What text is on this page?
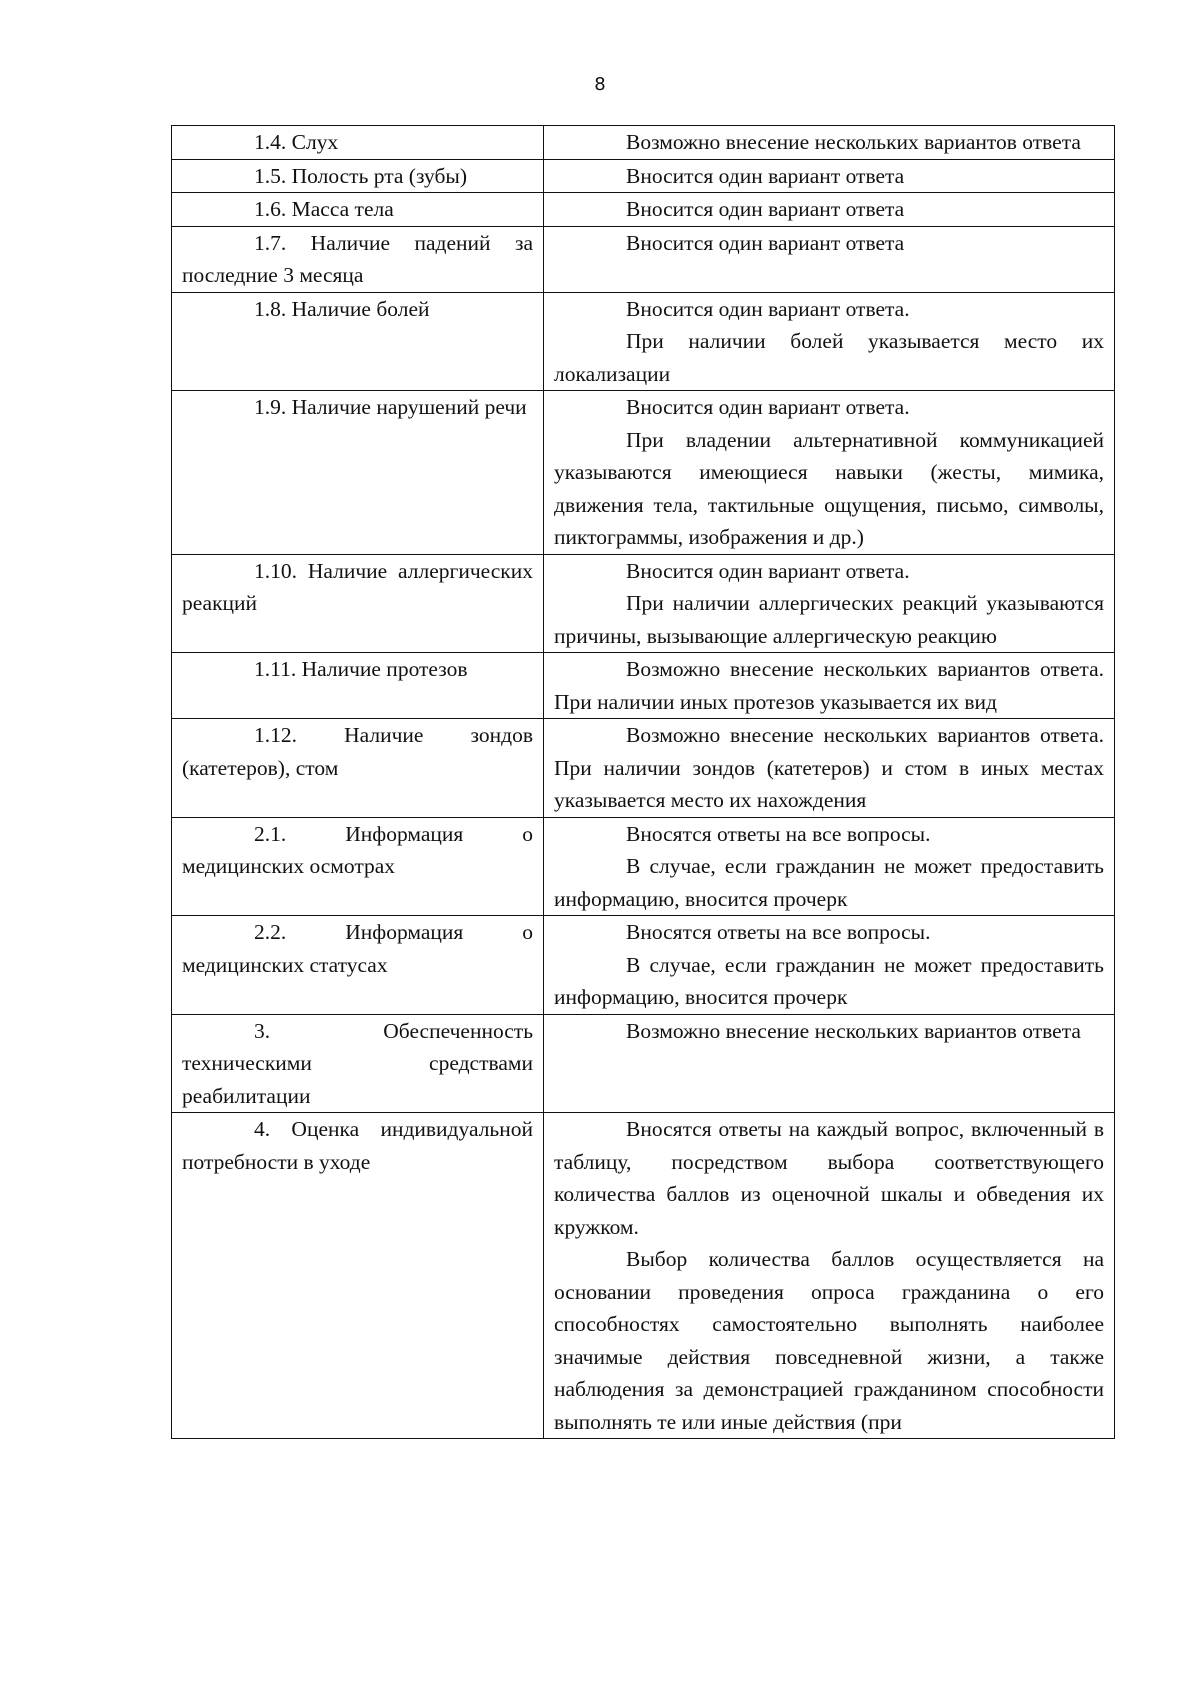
8

1.4. Слух	Возможно внесение нескольких вариантов ответа

1.5. Полость рта (зубы)	Вносится один вариант ответа

1.6. Масса тела	Вносится один вариант ответа

1.7. Наличие падений за последние 3 месяца	Вносится один вариант ответа

1.8. Наличие болей	Вносится один вариант ответа.

При наличии болей указывается место их локализации

1.9. Наличие нарушений речи	Вносится один вариант ответа.

При владении альтернативной коммуникацией указываются имеющиеся навыки (жесты, мимика, движения тела, тактильные ощущения, письмо, символы, пиктограммы, изображения и др.)

1.10. Наличие аллергических реакций	Вносится один вариант ответа.

При наличии аллергических реакций указываются причины, вызывающие аллергическую реакцию

1.11. Наличие протезов	Возможно внесение нескольких вариантов ответа. При наличии иных протезов указывается их вид

1.12. Наличие зондов (катетеров), стом	Возможно внесение нескольких вариантов ответа. При наличии зондов (катетеров) и стом в иных местах указывается место их нахождения

2.1. Информация о медицинских осмотрах	Вносятся ответы на все вопросы.

В случае, если гражданин не может предоставить информацию, вносится прочерк

2.2. Информация о медицинских статусах	Вносятся ответы на все вопросы.

В случае, если гражданин не может предоставить информацию, вносится прочерк

3. Обеспеченность техническими средствами реабилитации	Возможно внесение нескольких вариантов ответа

4. Оценка индивидуальной потребности в уходе	Вносятся ответы на каждый вопрос, включенный в таблицу, посредством выбора соответствующего количества баллов из оценочной шкалы и обведения их кружком.

Выбор количества баллов осуществляется на основании проведения опроса гражданина о его способностях самостоятельно выполнять наиболее значимые действия повседневной жизни, а также наблюдения за демонстрацией гражданином способности выполнять те или иные действия (при
